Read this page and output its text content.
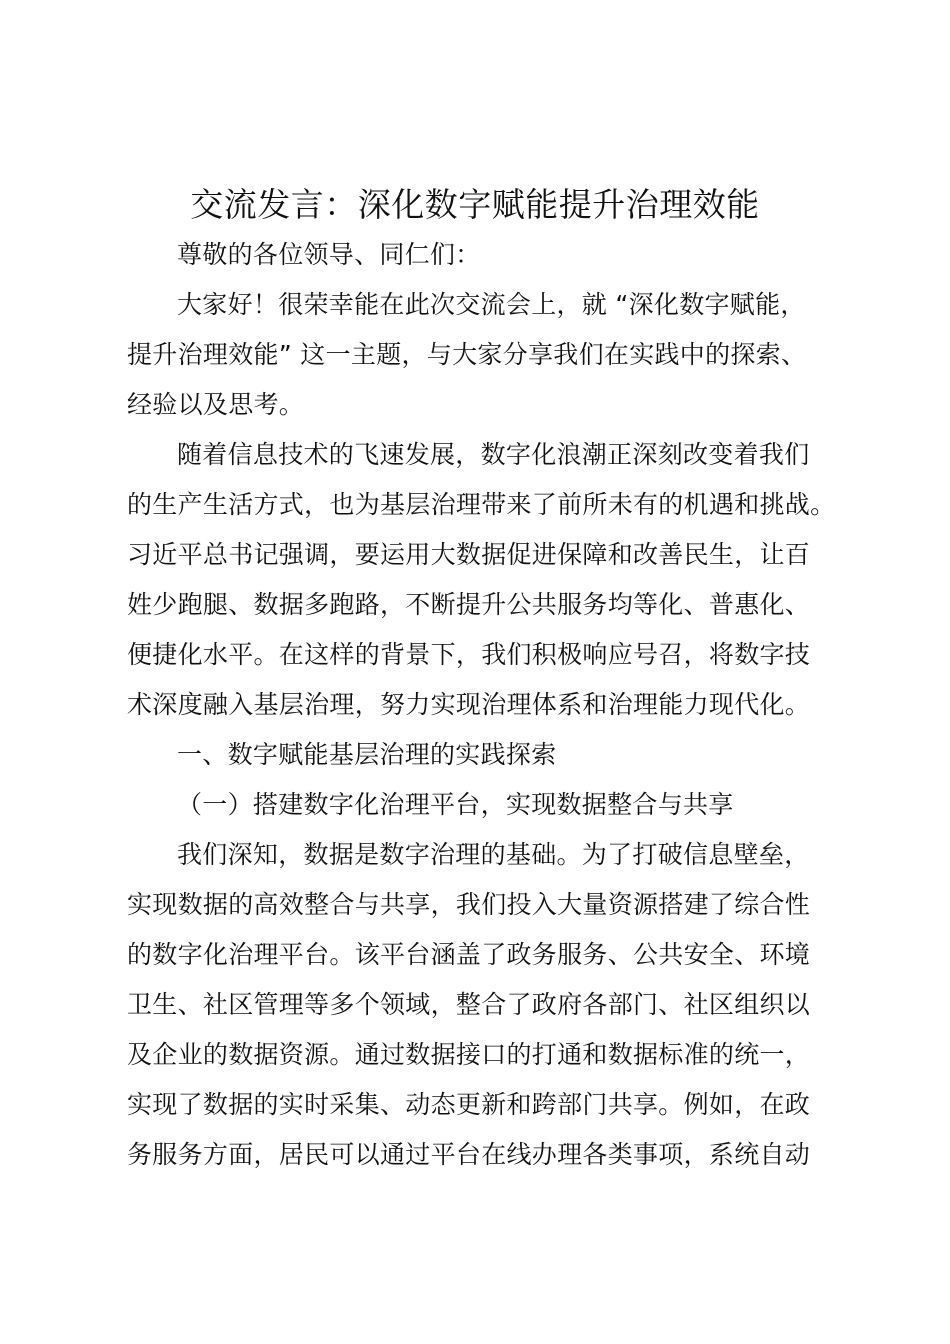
交流发言：深化数字赋能提升治理效能
尊敬的各位领导、同仁们：
大家好！很荣幸能在此次交流会上，就 “深化数字赋能，
提升治理效能” 这一主题，与大家分享我们在实践中的探索、
经验以及思考。
随着信息技术的飞速发展，数字化浪潮正深刻改变着我们
的生产生活方式，也为基层治理带来了前所未有的机遇和挑战。
习近平总书记强调，要运用大数据促进保障和改善民生，让百
姓少跑腿、数据多跑路，不断提升公共服务均等化、普惠化、
便捷化水平。在这样的背景下，我们积极响应号召，将数字技
术深度融入基层治理，努力实现治理体系和治理能力现代化。
一、数字赋能基层治理的实践探索
（一）搭建数字化治理平台，实现数据整合与共享
我们深知，数据是数字治理的基础。为了打破信息壁垒，
实现数据的高效整合与共享，我们投入大量资源搭建了综合性
的数字化治理平台。该平台涵盖了政务服务、公共安全、环境
卫生、社区管理等多个领域，整合了政府各部门、社区组织以
及企业的数据资源。通过数据接口的打通和数据标准的统一，
实现了数据的实时采集、动态更新和跨部门共享。例如，在政
务服务方面，居民可以通过平台在线办理各类事项，系统自动
